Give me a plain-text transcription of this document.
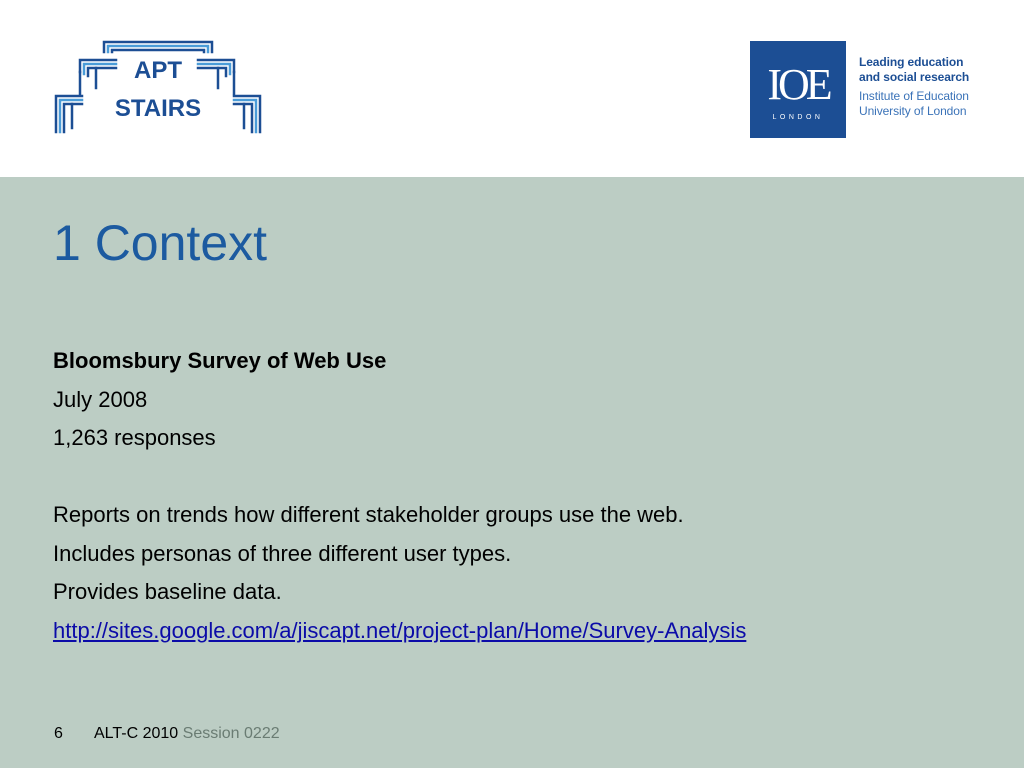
APT
STAIRS	IOE
LONDON
Leading education
and social research
Institute of Education
University of London
1 Context
Bloomsbury Survey of Web Use
July 2008
1,263 responses
Reports on trends how different stakeholder groups use the web.
Includes personas of three different user types.
Provides baseline data.
http://sites.google.com/a/jiscapt.net/project-plan/Home/Survey-Analysis
6 ALT-C 2010 Session 0222
